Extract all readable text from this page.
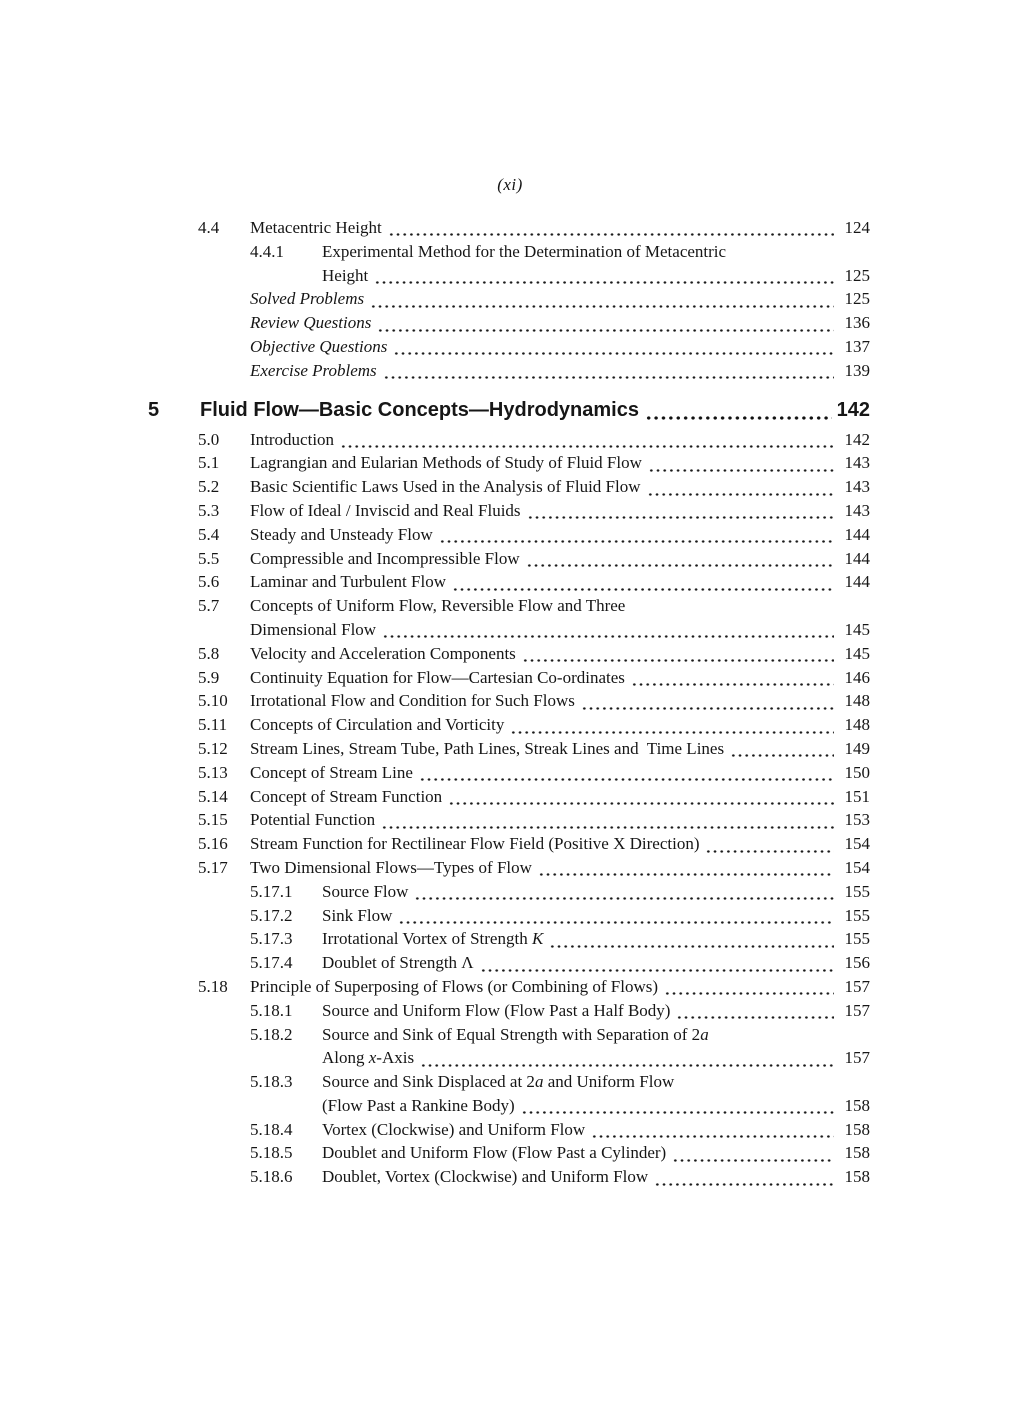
(xi)
4.4	Metacentric Height	124
4.4.1	Experimental Method for the Determination of Metacentric
Height	125
Solved Problems	125
Review Questions	136
Objective Questions	137
Exercise Problems	139
5	Fluid Flow—Basic Concepts—Hydrodynamics	142
5.0	Introduction	142
5.1	Lagrangian and Eularian Methods of Study of Fluid Flow	143
5.2	Basic Scientific Laws Used in the Analysis of Fluid Flow	143
5.3	Flow of Ideal / Inviscid and Real Fluids	143
5.4	Steady and Unsteady Flow	144
5.5	Compressible and Incompressible Flow	144
5.6	Laminar and Turbulent Flow	144
5.7	Concepts of Uniform Flow, Reversible Flow and Three
Dimensional Flow	145
5.8	Velocity and Acceleration Components	145
5.9	Continuity Equation for Flow—Cartesian Co-ordinates	146
5.10	Irrotational Flow and Condition for Such Flows	148
5.11	Concepts of Circulation and Vorticity	148
5.12	Stream Lines, Stream Tube, Path Lines, Streak Lines and  Time Lines	149
5.13	Concept of Stream Line	150
5.14	Concept of Stream Function	151
5.15	Potential Function	153
5.16	Stream Function for Rectilinear Flow Field (Positive X Direction)	154
5.17	Two Dimensional Flows—Types of Flow	154
5.17.1	Source Flow	155
5.17.2	Sink Flow	155
5.17.3	Irrotational Vortex of Strength K	155
5.17.4	Doublet of Strength Λ	156
5.18	Principle of Superposing of Flows (or Combining of Flows)	157
5.18.1	Source and Uniform Flow (Flow Past a Half Body)	157
5.18.2	Source and Sink of Equal Strength with Separation of 2a
Along x-Axis	157
5.18.3	Source and Sink Displaced at 2a and Uniform Flow
(Flow Past a Rankine Body)	158
5.18.4	Vortex (Clockwise) and Uniform Flow	158
5.18.5	Doublet and Uniform Flow (Flow Past a Cylinder)	158
5.18.6	Doublet, Vortex (Clockwise) and Uniform Flow	158
